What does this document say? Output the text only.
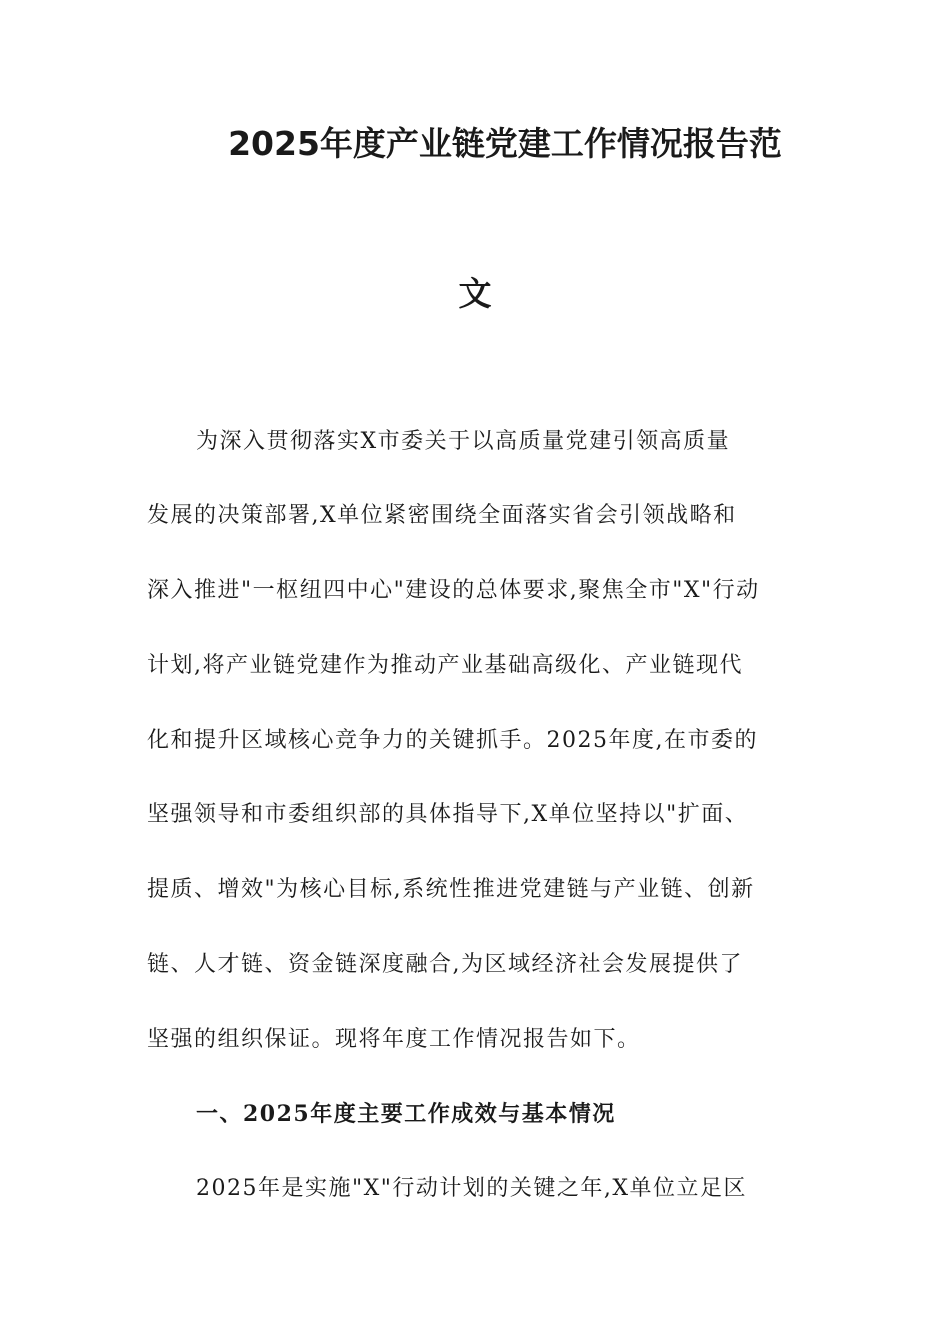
2025年度产业链党建工作情况报告范
文
为深入贯彻落实X市委关于以高质量党建引领高质量
发展的决策部署,X单位紧密围绕全面落实省会引领战略和
深入推进"一枢纽四中心"建设的总体要求,聚焦全市"X"行动
计划,将产业链党建作为推动产业基础高级化、产业链现代
化和提升区域核心竞争力的关键抓手。2025年度,在市委的
坚强领导和市委组织部的具体指导下,X单位坚持以"扩面、
提质、增效"为核心目标,系统性推进党建链与产业链、创新
链、人才链、资金链深度融合,为区域经济社会发展提供了
坚强的组织保证。现将年度工作情况报告如下。
一、2025年度主要工作成效与基本情况
2025年是实施"X"行动计划的关键之年,X单位立足区
